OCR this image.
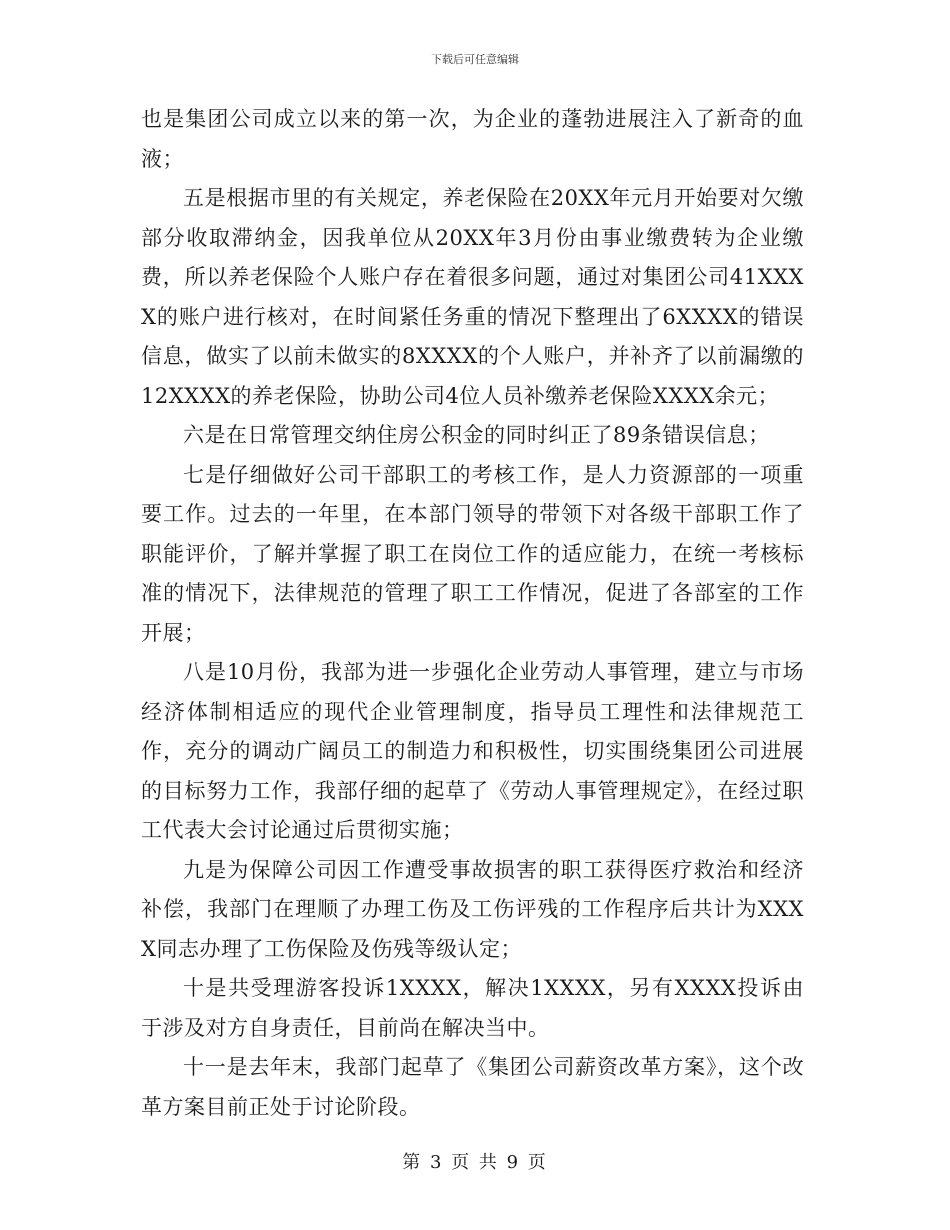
下载后可任意编辑

也是集团公司成立以来的第一次，为企业的蓬勃进展注入了新奇的血液；

五是根据市里的有关规定，养老保险在20XX年元月开始要对欠缴部分收取滞纳金，因我单位从20XX年3月份由事业缴费转为企业缴费，所以养老保险个人账户存在着很多问题，通过对集团公司41XXXX的账户进行核对，在时间紧任务重的情况下整理出了6XXXX的错误信息，做实了以前未做实的8XXXX的个人账户，并补齐了以前漏缴的12XXXX的养老保险，协助公司4位人员补缴养老保险XXXX余元；

六是在日常管理交纳住房公积金的同时纠正了89条错误信息；

七是仔细做好公司干部职工的考核工作，是人力资源部的一项重要工作。过去的一年里，在本部门领导的带领下对各级干部职工作了职能评价，了解并掌握了职工在岗位工作的适应能力，在统一考核标准的情况下，法律规范的管理了职工工作情况，促进了各部室的工作开展；

八是10月份，我部为进一步强化企业劳动人事管理，建立与市场经济体制相适应的现代企业管理制度，指导员工理性和法律规范工作，充分的调动广阔员工的制造力和积极性，切实围绕集团公司进展的目标努力工作，我部仔细的起草了《劳动人事管理规定》，在经过职工代表大会讨论通过后贯彻实施；

九是为保障公司因工作遭受事故损害的职工获得医疗救治和经济补偿，我部门在理顺了办理工伤及工伤评残的工作程序后共计为XXXX同志办理了工伤保险及伤残等级认定；

十是共受理游客投诉1XXXX，解决1XXXX，另有XXXX投诉由于涉及对方自身责任，目前尚在解决当中。

十一是去年末，我部门起草了《集团公司薪资改革方案》，这个改革方案目前正处于讨论阶段。

第 3 页 共 9 页
